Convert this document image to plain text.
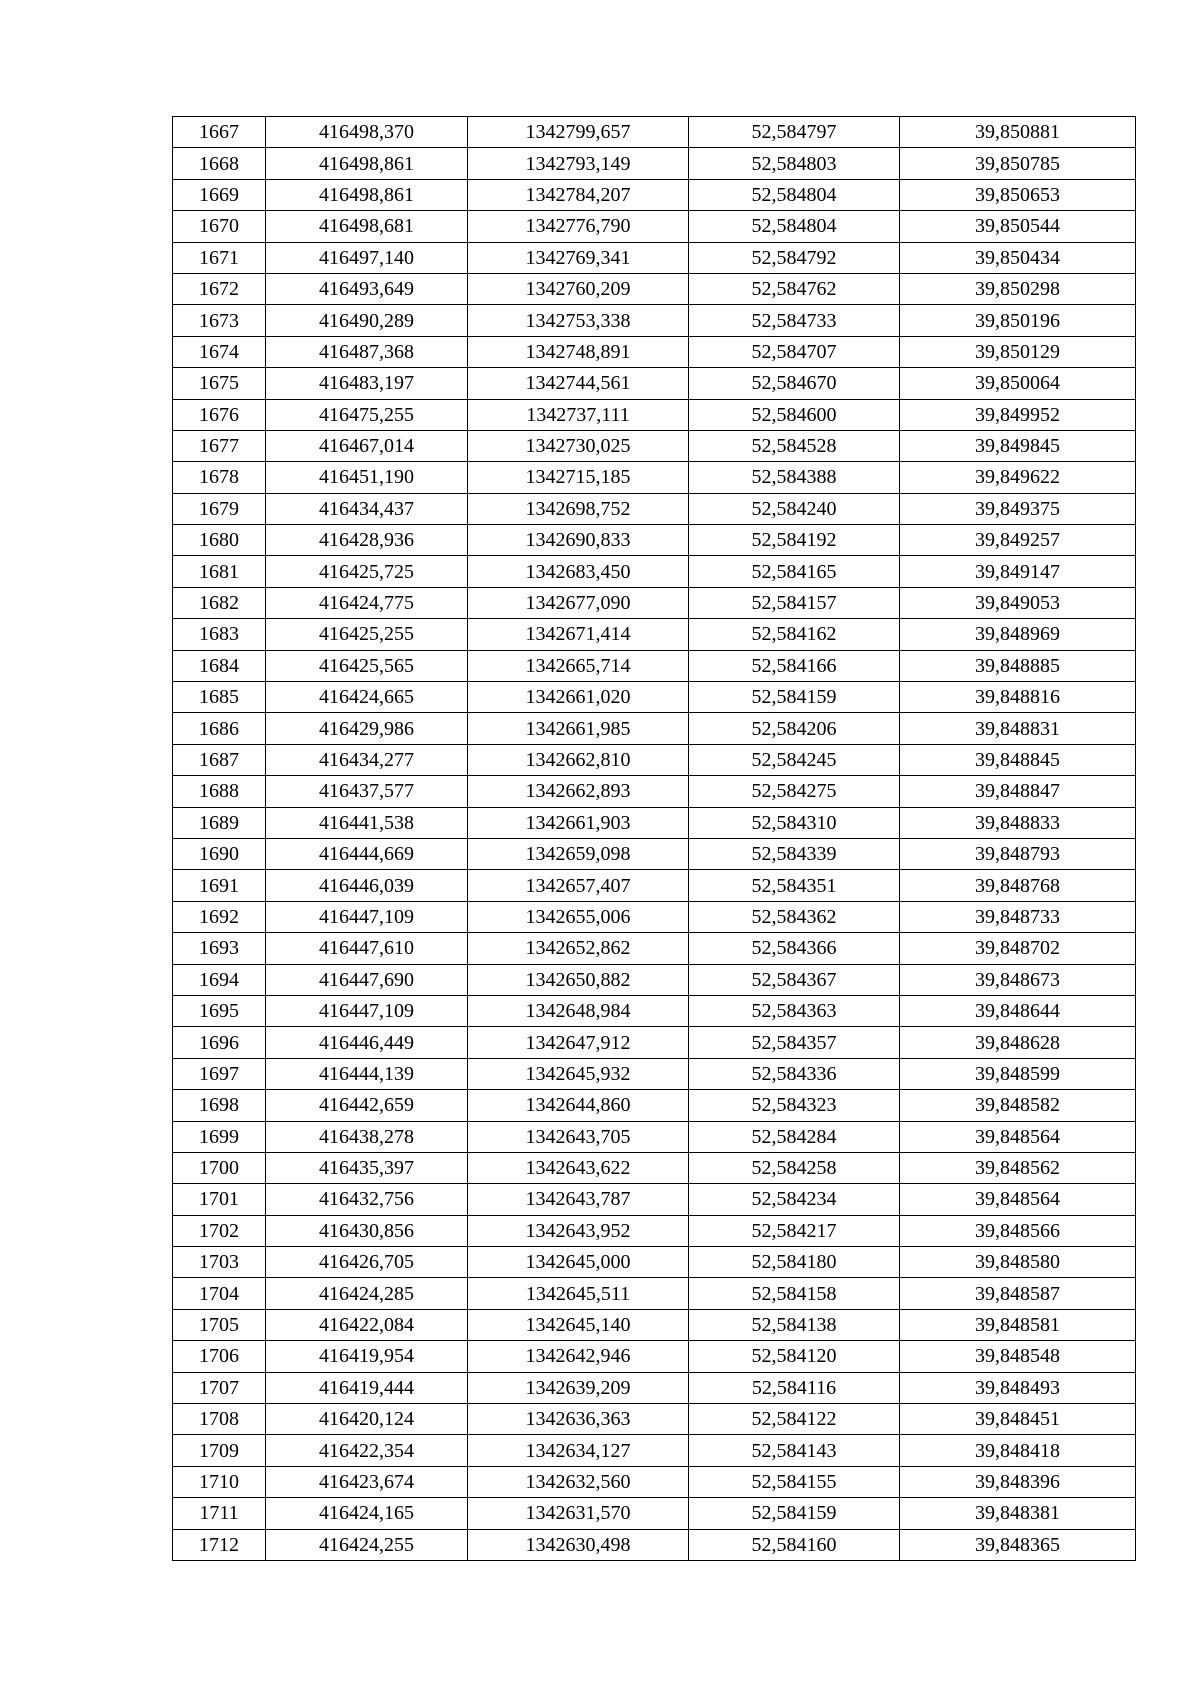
1667	416498,370	1342799,657	52,584797	39,850881
1668	416498,861	1342793,149	52,584803	39,850785
1669	416498,861	1342784,207	52,584804	39,850653
1670	416498,681	1342776,790	52,584804	39,850544
1671	416497,140	1342769,341	52,584792	39,850434
1672	416493,649	1342760,209	52,584762	39,850298
1673	416490,289	1342753,338	52,584733	39,850196
1674	416487,368	1342748,891	52,584707	39,850129
1675	416483,197	1342744,561	52,584670	39,850064
1676	416475,255	1342737,111	52,584600	39,849952
1677	416467,014	1342730,025	52,584528	39,849845
1678	416451,190	1342715,185	52,584388	39,849622
1679	416434,437	1342698,752	52,584240	39,849375
1680	416428,936	1342690,833	52,584192	39,849257
1681	416425,725	1342683,450	52,584165	39,849147
1682	416424,775	1342677,090	52,584157	39,849053
1683	416425,255	1342671,414	52,584162	39,848969
1684	416425,565	1342665,714	52,584166	39,848885
1685	416424,665	1342661,020	52,584159	39,848816
1686	416429,986	1342661,985	52,584206	39,848831
1687	416434,277	1342662,810	52,584245	39,848845
1688	416437,577	1342662,893	52,584275	39,848847
1689	416441,538	1342661,903	52,584310	39,848833
1690	416444,669	1342659,098	52,584339	39,848793
1691	416446,039	1342657,407	52,584351	39,848768
1692	416447,109	1342655,006	52,584362	39,848733
1693	416447,610	1342652,862	52,584366	39,848702
1694	416447,690	1342650,882	52,584367	39,848673
1695	416447,109	1342648,984	52,584363	39,848644
1696	416446,449	1342647,912	52,584357	39,848628
1697	416444,139	1342645,932	52,584336	39,848599
1698	416442,659	1342644,860	52,584323	39,848582
1699	416438,278	1342643,705	52,584284	39,848564
1700	416435,397	1342643,622	52,584258	39,848562
1701	416432,756	1342643,787	52,584234	39,848564
1702	416430,856	1342643,952	52,584217	39,848566
1703	416426,705	1342645,000	52,584180	39,848580
1704	416424,285	1342645,511	52,584158	39,848587
1705	416422,084	1342645,140	52,584138	39,848581
1706	416419,954	1342642,946	52,584120	39,848548
1707	416419,444	1342639,209	52,584116	39,848493
1708	416420,124	1342636,363	52,584122	39,848451
1709	416422,354	1342634,127	52,584143	39,848418
1710	416423,674	1342632,560	52,584155	39,848396
1711	416424,165	1342631,570	52,584159	39,848381
1712	416424,255	1342630,498	52,584160	39,848365
